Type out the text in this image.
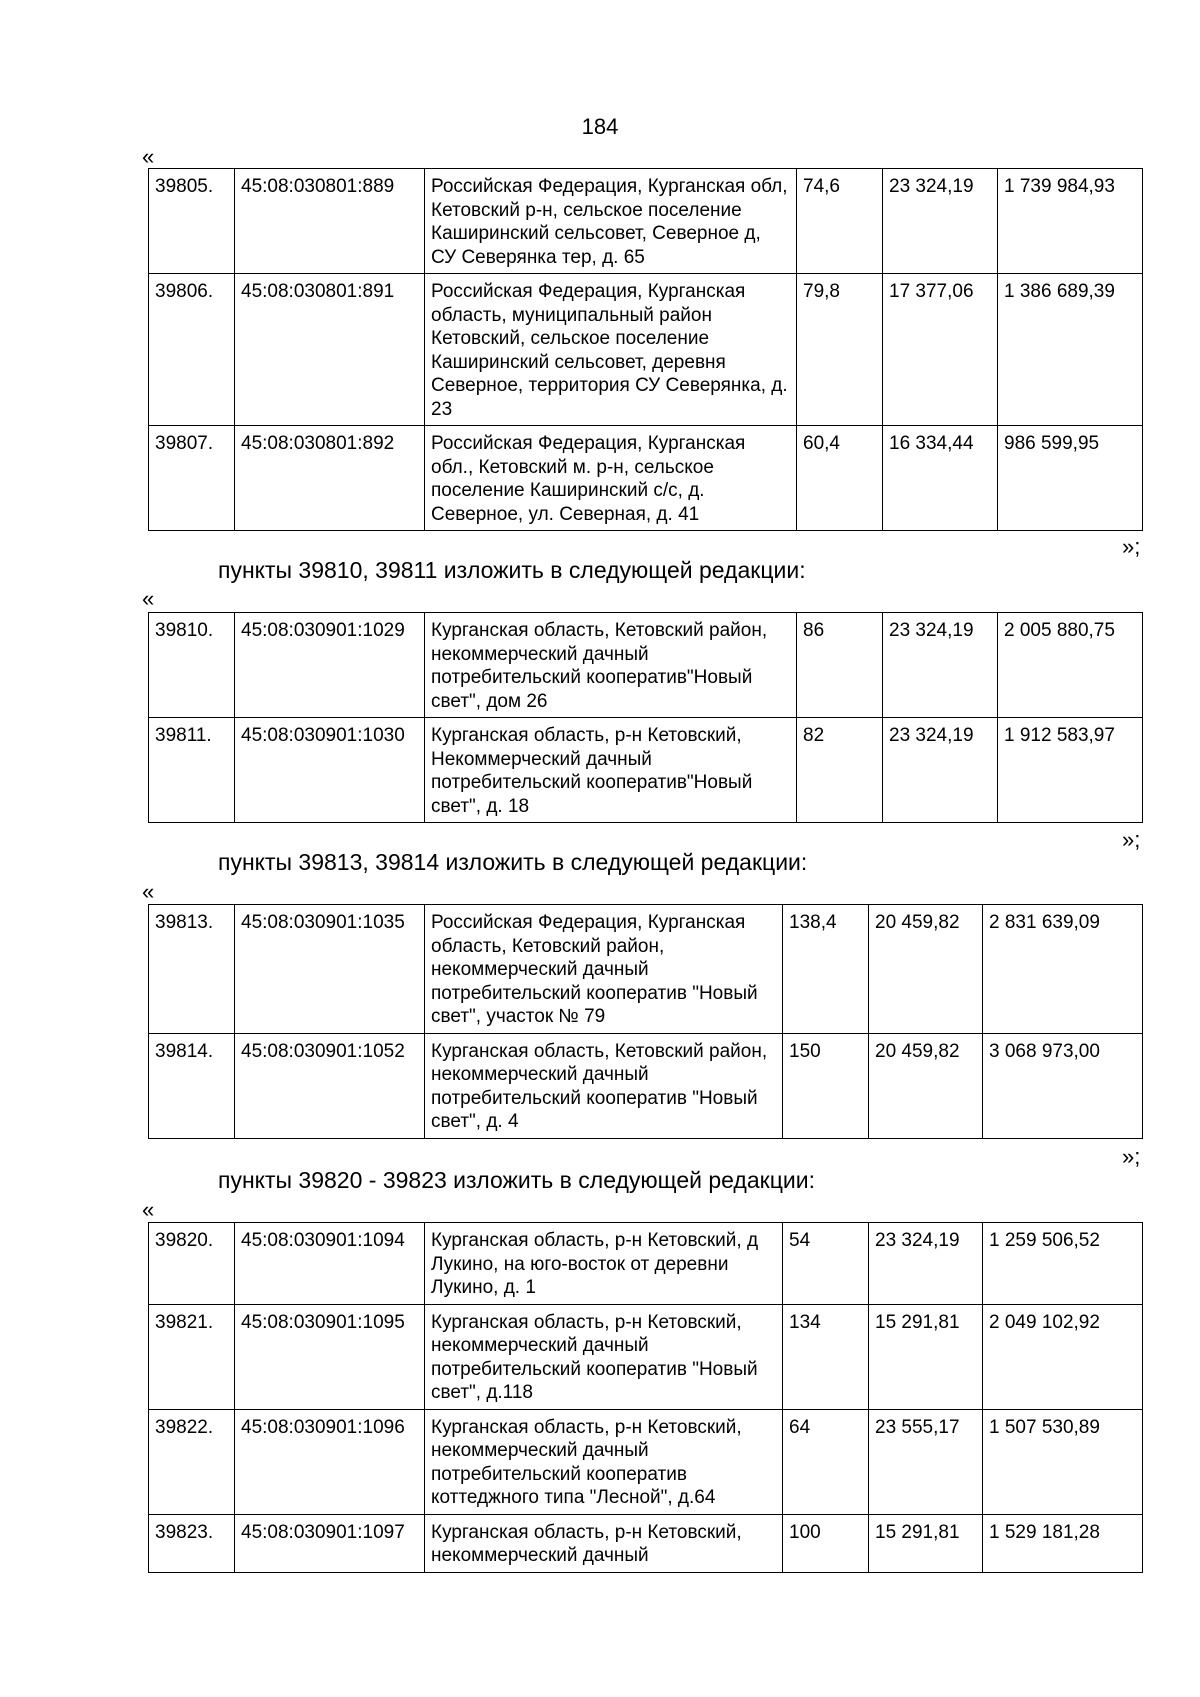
184
«
39805.	45:08:030801:889	Российская Федерация, Курганская обл, Кетовский р-н, сельское поселение Каширинский сельсовет, Северное д, СУ Северянка тер, д. 65	74,6	23 324,19	1 739 984,93
39806.	45:08:030801:891	Российская Федерация, Курганская область, муниципальный район Кетовский, сельское поселение Каширинский сельсовет, деревня Северное, территория СУ Северянка, д. 23	79,8	17 377,06	1 386 689,39
39807.	45:08:030801:892	Российская Федерация, Курганская обл., Кетовский м. р-н, сельское поселение Каширинский с/с, д. Северное, ул. Северная, д. 41	60,4	16 334,44	986 599,95
»;
пункты 39810, 39811 изложить в следующей редакции:
«
39810.	45:08:030901:1029	Курганская область, Кетовский район, некоммерческий дачный потребительский кооператив"Новый свет", дом 26	86	23 324,19	2 005 880,75
39811.	45:08:030901:1030	Курганская область, р-н Кетовский, Некоммерческий дачный потребительский кооператив"Новый свет", д. 18	82	23 324,19	1 912 583,97
»;
пункты 39813, 39814 изложить в следующей редакции:
«
39813.	45:08:030901:1035	Российская Федерация, Курганская область, Кетовский район, некоммерческий дачный потребительский кооператив "Новый свет", участок № 79	138,4	20 459,82	2 831 639,09
39814.	45:08:030901:1052	Курганская область, Кетовский район, некоммерческий дачный потребительский кооператив "Новый свет", д. 4	150	20 459,82	3 068 973,00
»;
пункты 39820 - 39823 изложить в следующей редакции:
«
39820.	45:08:030901:1094	Курганская область, р-н Кетовский, д Лукино, на юго-восток от деревни Лукино, д. 1	54	23 324,19	1 259 506,52
39821.	45:08:030901:1095	Курганская область, р-н Кетовский, некоммерческий дачный потребительский кооператив "Новый свет", д.118	134	15 291,81	2 049 102,92
39822.	45:08:030901:1096	Курганская область, р-н Кетовский, некоммерческий дачный потребительский кооператив коттеджного типа "Лесной", д.64	64	23 555,17	1 507 530,89
39823.	45:08:030901:1097	Курганская область, р-н Кетовский, некоммерческий дачный	100	15 291,81	1 529 181,28
